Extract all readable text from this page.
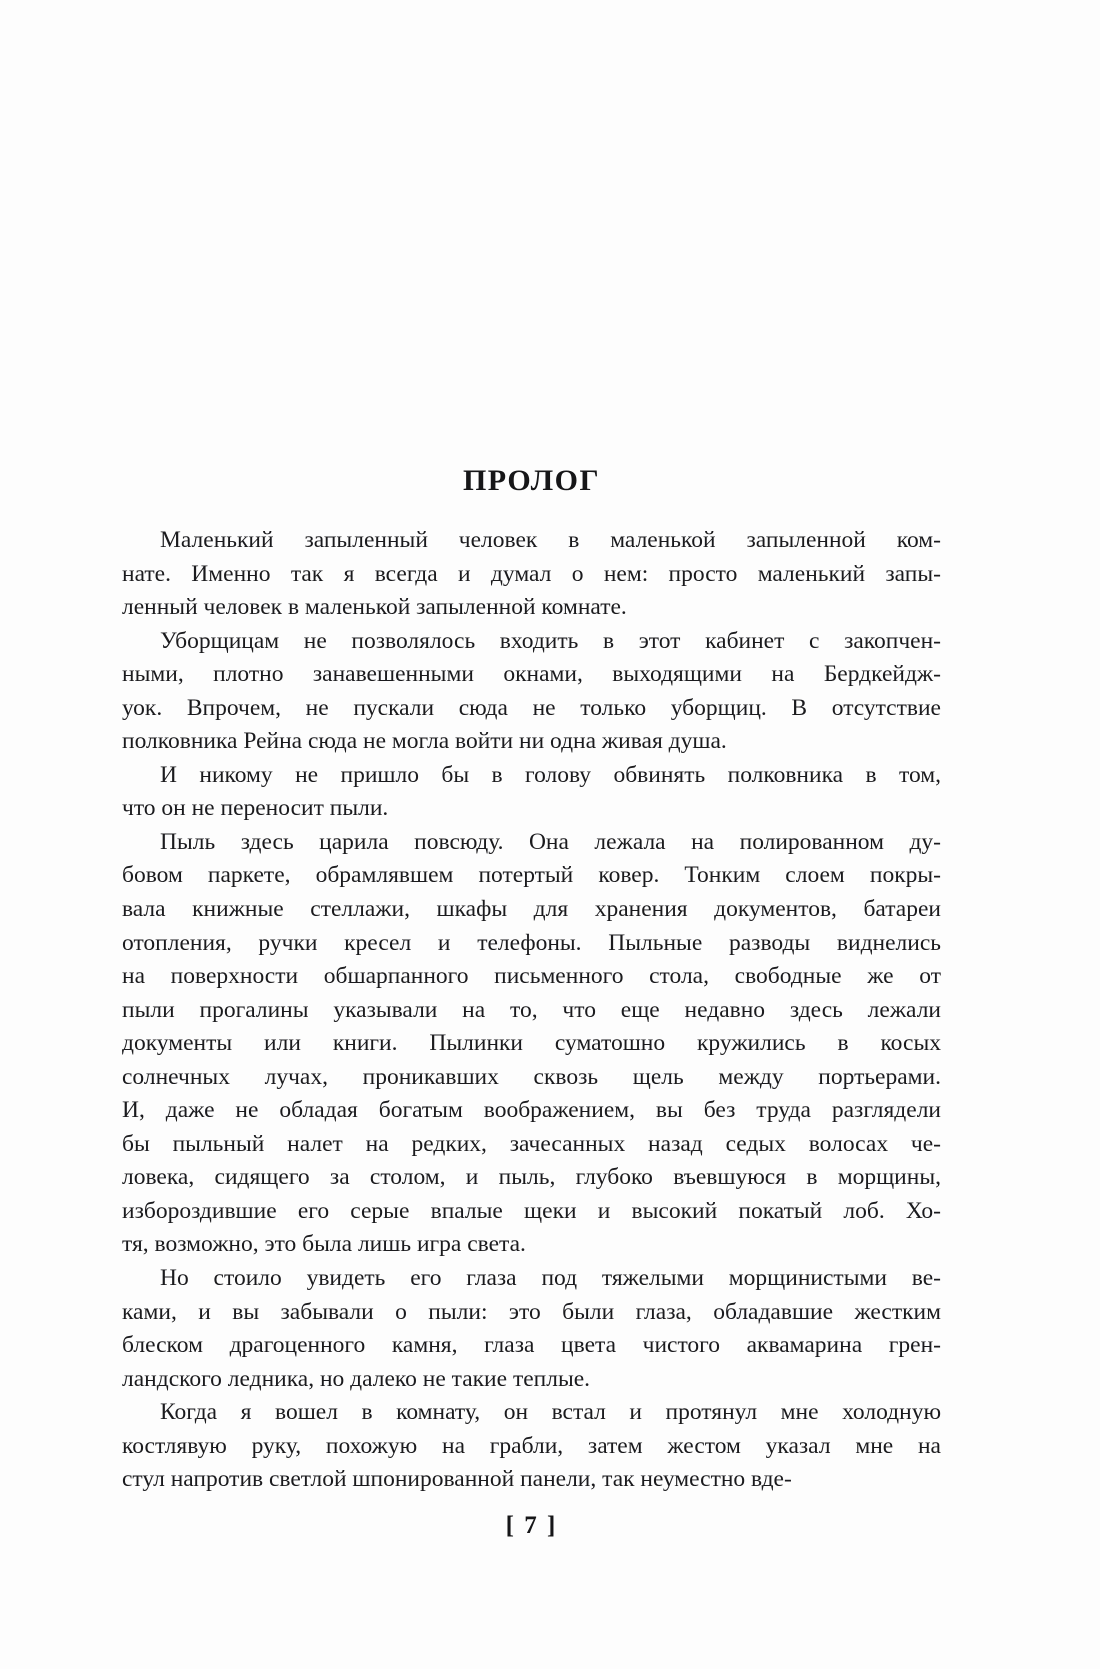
ПРОЛОГ
Маленький запыленный человек в маленькой запыленной ком-
нате. Именно так я всегда и думал о нем: просто маленький запы-
ленный человек в маленькой запыленной комнате.
Уборщицам не позволялось входить в этот кабинет с закопчен-
ными, плотно занавешенными окнами, выходящими на Бердкейдж-
уок. Впрочем, не пускали сюда не только уборщиц. В отсутствие
полковника Рейна сюда не могла войти ни одна живая душа.
И никому не пришло бы в голову обвинять полковника в том,
что он не переносит пыли.
Пыль здесь царила повсюду. Она лежала на полированном ду-
бовом паркете, обрамлявшем потертый ковер. Тонким слоем покры-
вала книжные стеллажи, шкафы для хранения документов, батареи
отопления, ручки кресел и телефоны. Пыльные разводы виднелись
на поверхности обшарпанного письменного стола, свободные же от
пыли прогалины указывали на то, что еще недавно здесь лежали
документы или книги. Пылинки суматошно кружились в косых
солнечных лучах, проникавших сквозь щель между портьерами.
И, даже не обладая богатым воображением, вы без труда разглядели
бы пыльный налет на редких, зачесанных назад седых волосах че-
ловека, сидящего за столом, и пыль, глубоко въевшуюся в морщины,
избороздившие его серые впалые щеки и высокий покатый лоб. Хо-
тя, возможно, это была лишь игра света.
Но стоило увидеть его глаза под тяжелыми морщинистыми ве-
ками, и вы забывали о пыли: это были глаза, обладавшие жестким
блеском драгоценного камня, глаза цвета чистого аквамарина грен-
ландского ледника, но далеко не такие теплые.
Когда я вошел в комнату, он встал и протянул мне холодную
костлявую руку, похожую на грабли, затем жестом указал мне на
стул напротив светлой шпонированной панели, так неуместно вде-
[ 7 ]
